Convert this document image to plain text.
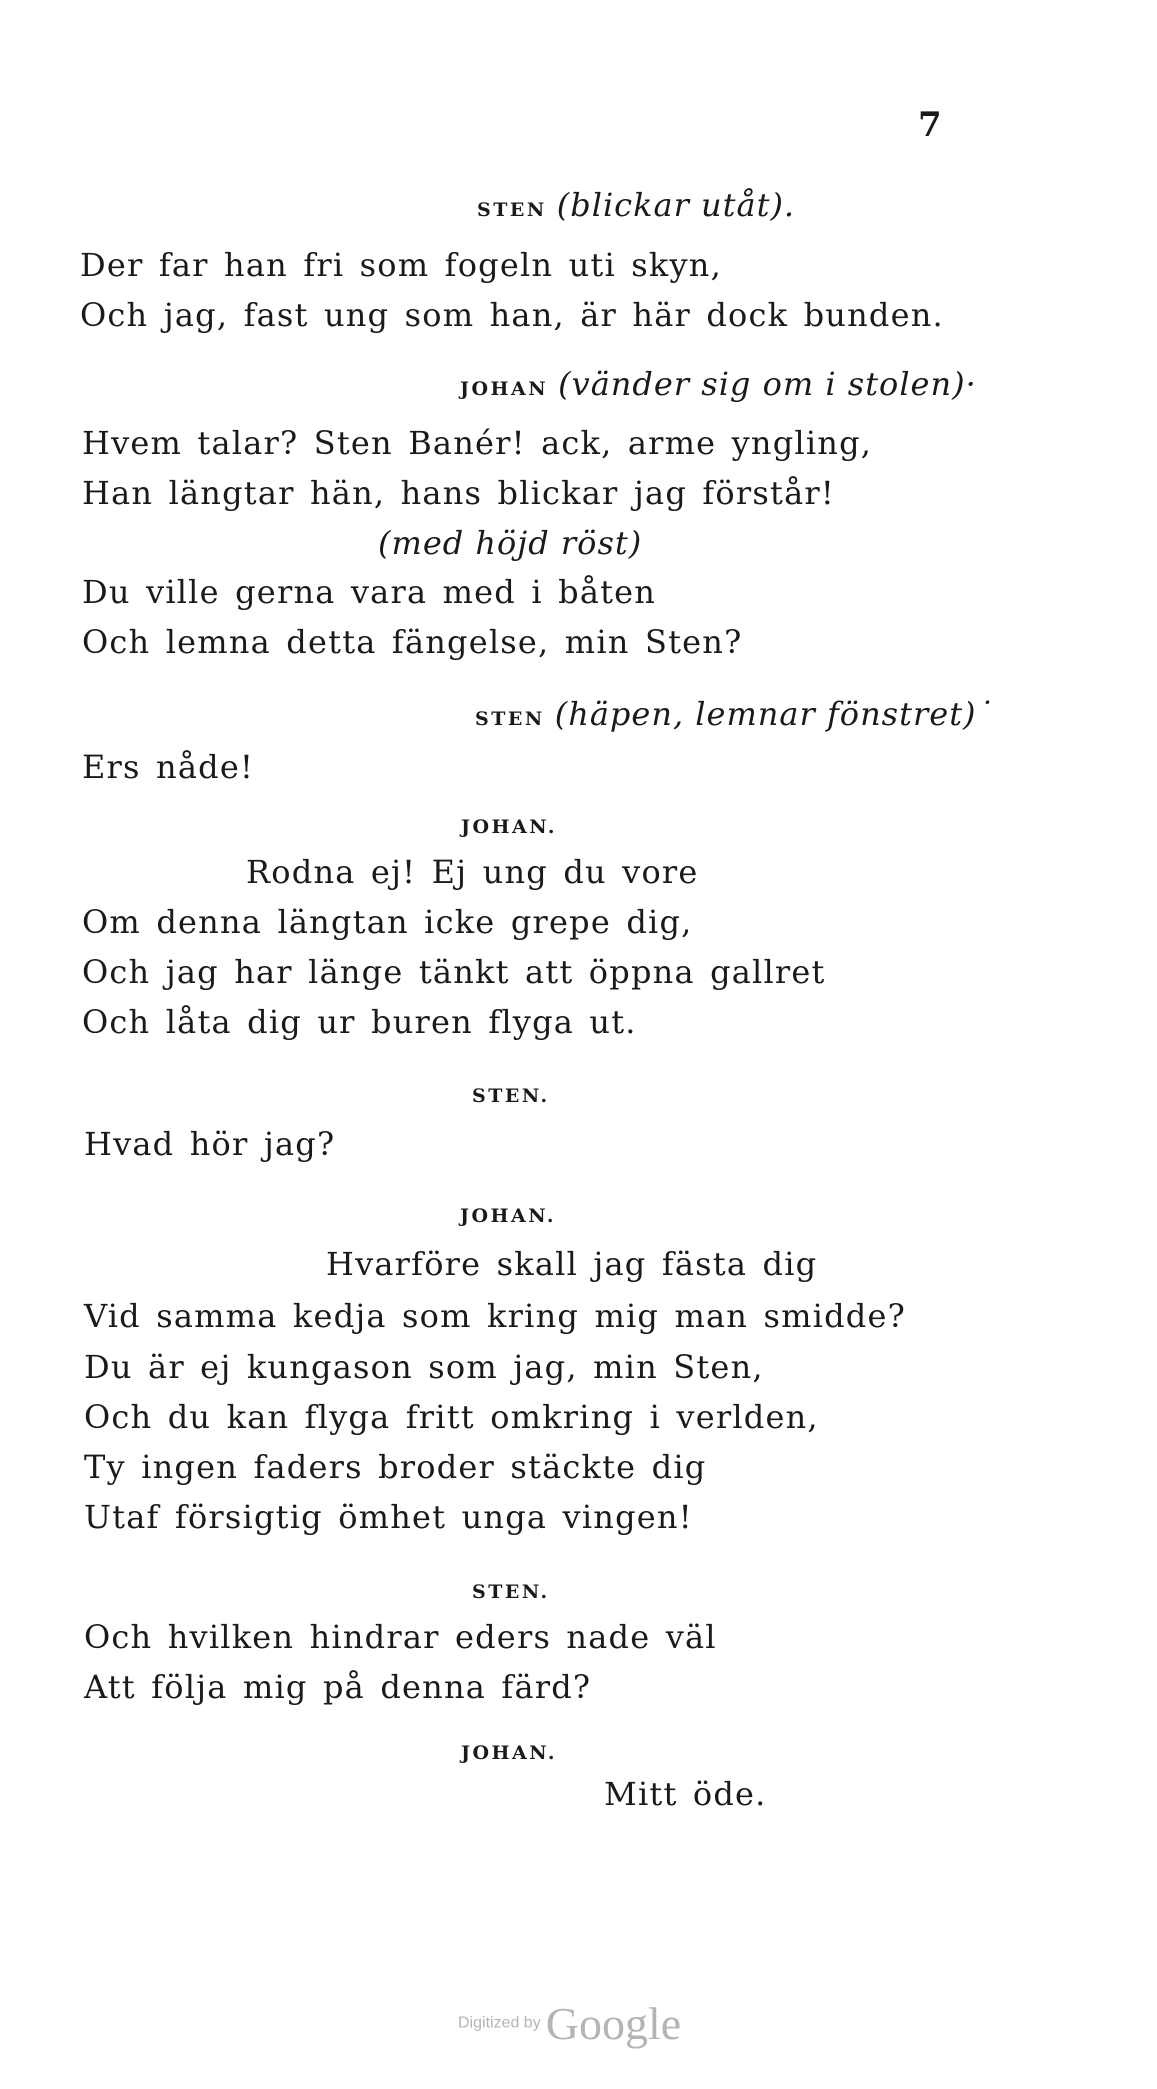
7
STEN (blickar utåt).
Der far han fri som fogeln uti skyn,
Och jag, fast ung som han, är här dock bunden.
JOHAN (vänder sig om i stolen)·
Hvem talar? Sten Banér! ack, arme yngling,
Han längtar hän, hans blickar jag förstår!
(med höjd röst)
Du ville gerna vara med i båten
Och lemna detta fängelse, min Sten?
STEN (häpen, lemnar fönstret)˙
Ers nåde!
JOHAN.
Rodna ej! Ej ung du vore
Om denna längtan icke grepe dig,
Och jag har länge tänkt att öppna gallret
Och låta dig ur buren flyga ut.
STEN.
Hvad hör jag?
JOHAN.
Hvarföre skall jag fästa dig
Vid samma kedja som kring mig man smidde?
Du är ej kungason som jag, min Sten,
Och du kan flyga fritt omkring i verlden,
Ty ingen faders broder stäckte dig
Utaf försigtig ömhet unga vingen!
STEN.
Och hvilken hindrar eders nade väl
Att följa mig på denna färd?
JOHAN.
Mitt öde.
Digitized by Google
